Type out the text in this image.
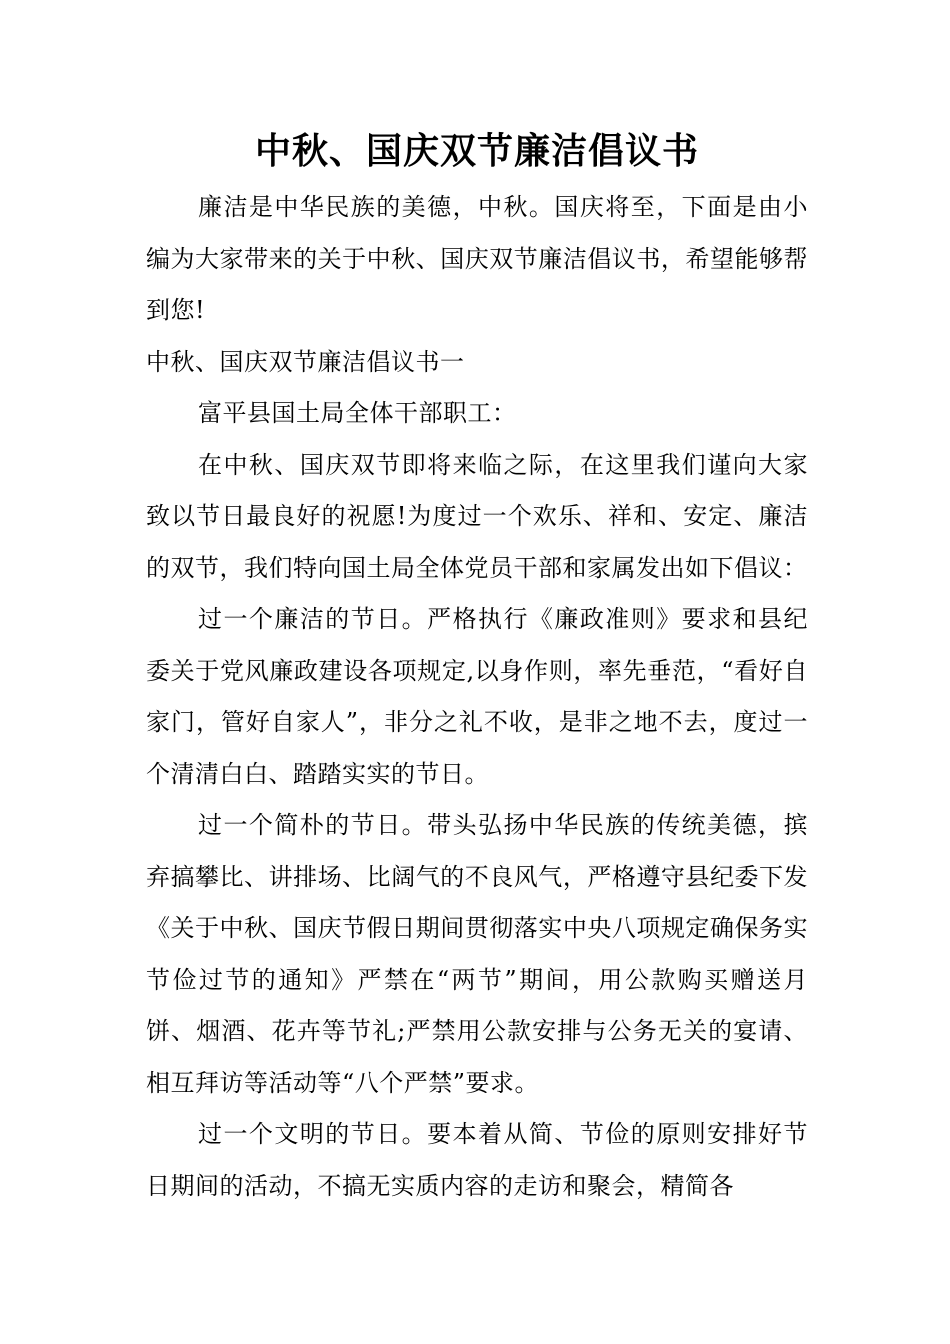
中秋、国庆双节廉洁倡议书

廉洁是中华民族的美德，中秋。国庆将至，下面是由小编为大家带来的关于中秋、国庆双节廉洁倡议书，希望能够帮到您!

中秋、国庆双节廉洁倡议书一

富平县国土局全体干部职工：

在中秋、国庆双节即将来临之际，在这里我们谨向大家致以节日最良好的祝愿!为度过一个欢乐、祥和、安定、廉洁的双节，我们特向国土局全体党员干部和家属发出如下倡议：

过一个廉洁的节日。严格执行《廉政准则》要求和县纪委关于党风廉政建设各项规定,以身作则，率先垂范，“看好自家门，管好自家人”，非分之礼不收，是非之地不去，度过一个清清白白、踏踏实实的节日。

过一个简朴的节日。带头弘扬中华民族的传统美德，摈弃搞攀比、讲排场、比阔气的不良风气，严格遵守县纪委下发《关于中秋、国庆节假日期间贯彻落实中央八项规定确保务实节俭过节的通知》严禁在“两节”期间，用公款购买赠送月饼、烟酒、花卉等节礼;严禁用公款安排与公务无关的宴请、相互拜访等活动等“八个严禁”要求。

过一个文明的节日。要本着从简、节俭的原则安排好节日期间的活动，不搞无实质内容的走访和聚会，精简各
